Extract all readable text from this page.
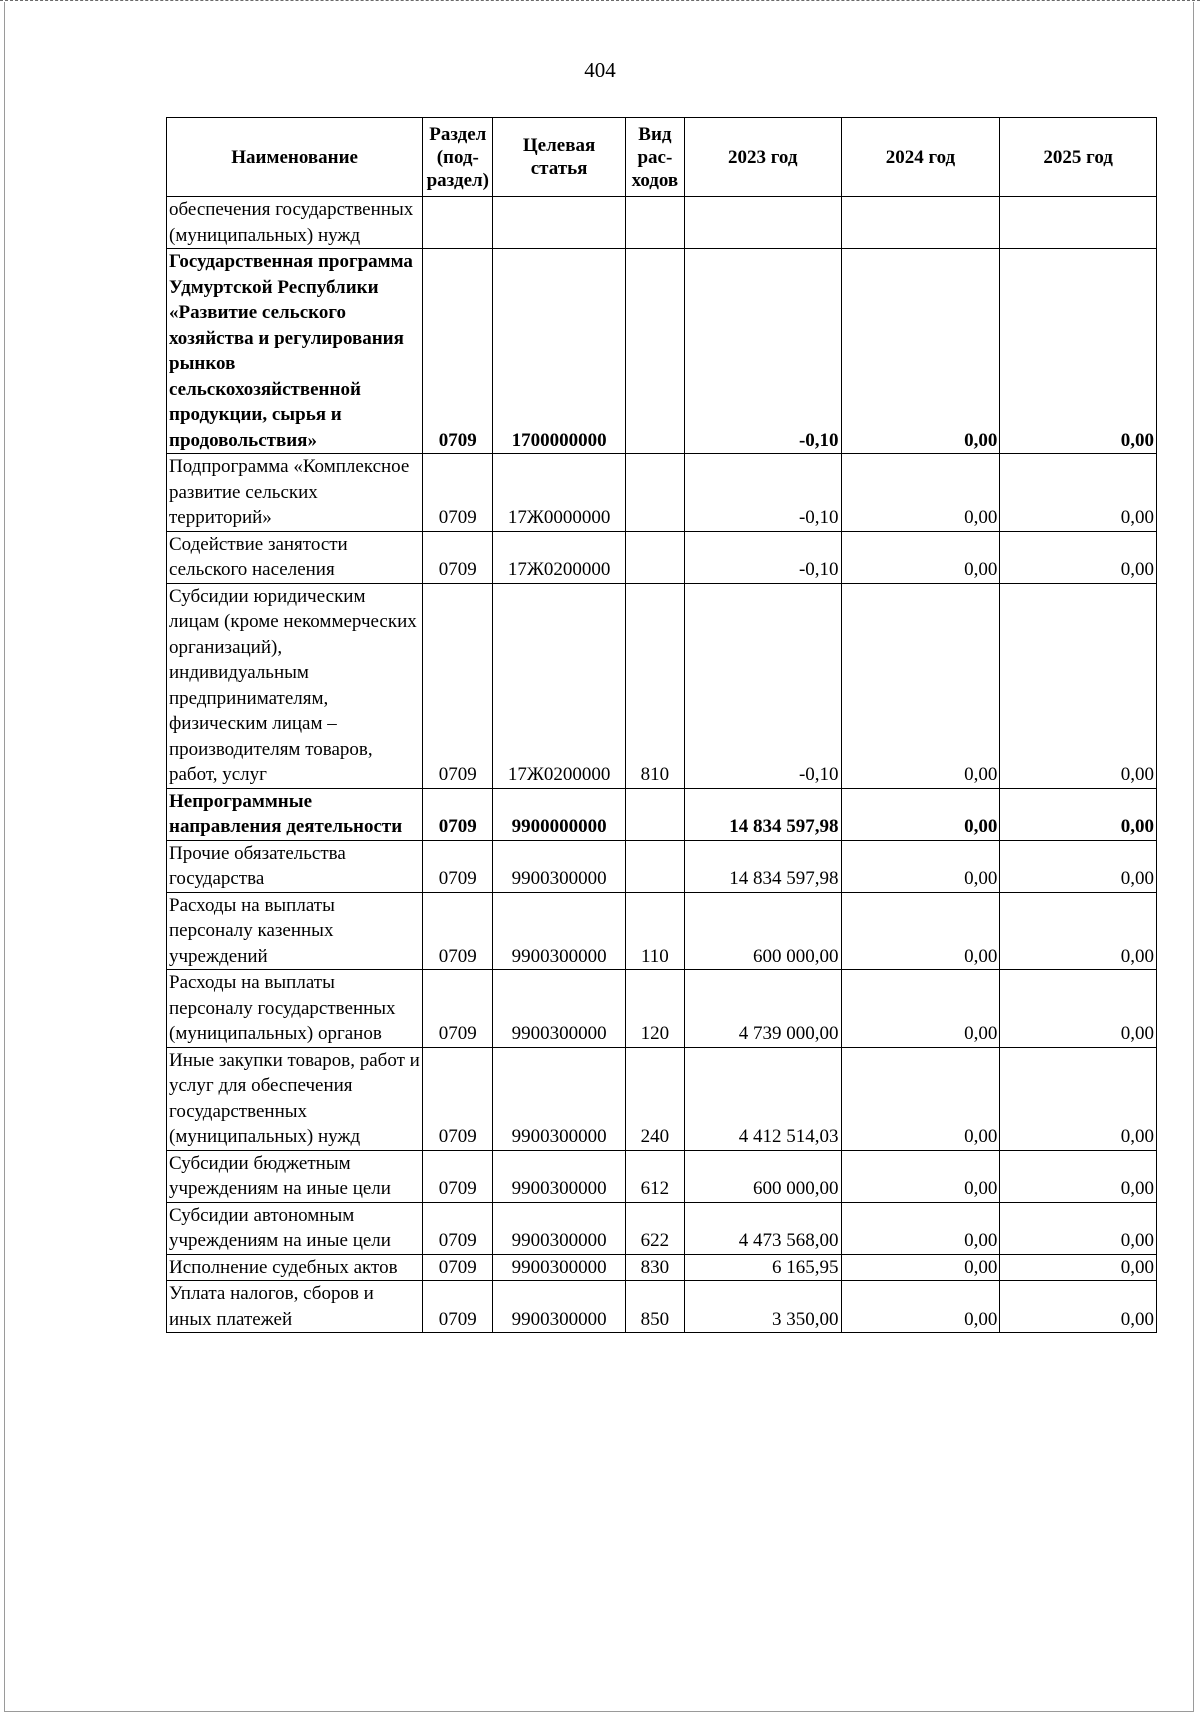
404
Наименование	Раздел (под-раздел)	Целевая статья	Вид рас-ходов	2023 год	2024 год	2025 год
обеспечения государственных (муниципальных) нужд						
Государственная программа Удмуртской Республики «Развитие сельского хозяйства и регулирования рынков сельскохозяйственной продукции, сырья и продовольствия»	0709	1700000000		-0,10	0,00	0,00
Подпрограмма «Комплексное развитие сельских территорий»	0709	17Ж0000000		-0,10	0,00	0,00
Содействие занятости сельского населения	0709	17Ж0200000		-0,10	0,00	0,00
Субсидии юридическим лицам (кроме некоммерческих организаций), индивидуальным предпринимателям, физическим лицам – производителям товаров, работ, услуг	0709	17Ж0200000	810	-0,10	0,00	0,00
Непрограммные направления деятельности	0709	9900000000		14 834 597,98	0,00	0,00
Прочие обязательства государства	0709	9900300000		14 834 597,98	0,00	0,00
Расходы на выплаты персоналу казенных учреждений	0709	9900300000	110	600 000,00	0,00	0,00
Расходы на выплаты персоналу государственных (муниципальных) органов	0709	9900300000	120	4 739 000,00	0,00	0,00
Иные закупки товаров, работ и услуг для обеспечения государственных (муниципальных) нужд	0709	9900300000	240	4 412 514,03	0,00	0,00
Субсидии бюджетным учреждениям на иные цели	0709	9900300000	612	600 000,00	0,00	0,00
Субсидии автономным учреждениям на иные цели	0709	9900300000	622	4 473 568,00	0,00	0,00
Исполнение судебных актов	0709	9900300000	830	6 165,95	0,00	0,00
Уплата налогов, сборов и иных платежей	0709	9900300000	850	3 350,00	0,00	0,00
